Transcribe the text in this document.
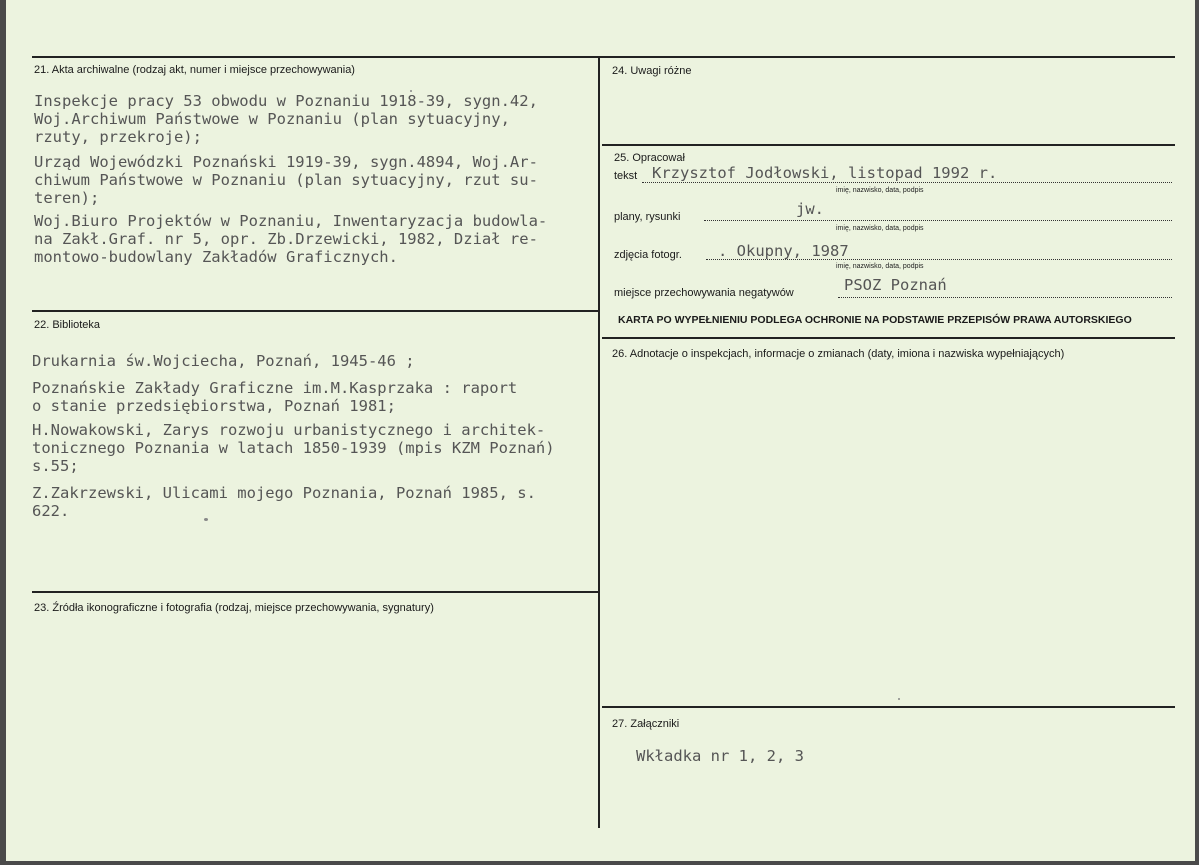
21. Akta archiwalne (rodzaj akt, numer i miejsce przechowywania)
Inspekcje pracy 53 obwodu w Poznaniu 1918-39, sygn.42,
Woj.Archiwum Państwowe w Poznaniu (plan sytuacyjny,
rzuty, przekroje);
Urząd Wojewódzki Poznański 1919-39, sygn.4894, Woj.Ar-
chiwum Państwowe w Poznaniu (plan sytuacyjny, rzut su-
teren);
Woj.Biuro Projektów w Poznaniu, Inwentaryzacja budowla-
na Zakł.Graf. nr 5, opr. Zb.Drzewicki, 1982, Dział re-
montowo-budowlany Zakładów Graficznych.
22. Biblioteka
Drukarnia św.Wojciecha, Poznań, 1945-46 ;
Poznańskie Zakłady Graficzne im.M.Kasprzaka : raport
o stanie przedsiębiorstwa, Poznań 1981;
H.Nowakowski, Zarys rozwoju urbanistycznego i architek-
tonicznego Poznania w latach 1850-1939 (mpis KZM Poznań)
s.55;
Z.Zakrzewski, Ulicami mojego Poznania, Poznań 1985, s.
622.
23. Źródła ikonograficzne i fotografia (rodzaj, miejsce przechowywania, sygnatury)
24. Uwagi różne
25. Opracował
tekst Krzysztof Jodłowski, listopad 1992 r.
imię, nazwisko, data, podpis
plany, rysunki	jw.
imię, nazwisko, data, podpis
zdjęcia fotogr. . Okupny, 1987
imię, nazwisko, data, podpis
miejsce przechowywania negatywów	PSOZ Poznań
KARTA PO WYPEŁNIENIU PODLEGA OCHRONIE NA PODSTAWIE PRZEPISÓW PRAWA AUTORSKIEGO
26. Adnotacje o inspekcjach, informacje o zmianach (daty, imiona i nazwiska wypełniających)
27. Załączniki
Wkładka nr 1, 2, 3
